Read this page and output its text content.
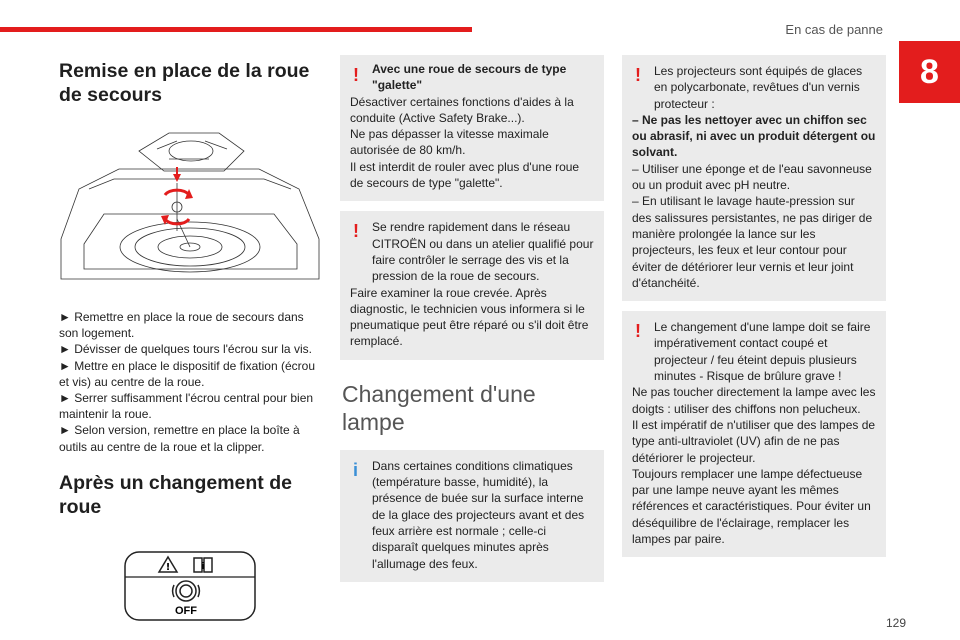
En cas de panne
8
Remise en place de la roue de secours
► Remettre en place la roue de secours dans son logement.
► Dévisser de quelques tours l'écrou sur la vis.
► Mettre en place le dispositif de fixation (écrou et vis) au centre de la roue.
► Serrer suffisamment l'écrou central pour bien maintenir la roue.
► Selon version, remettre en place la boîte à outils au centre de la roue et la clipper.
Après un changement de roue
!	i
OFF
!	Avec une roue de secours de type "galette"
Désactiver certaines fonctions d'aides à la conduite (Active Safety Brake...).
Ne pas dépasser la vitesse maximale autorisée de 80 km/h.
Il est interdit de rouler avec plus d'une roue de secours de type "galette".
!	Se rendre rapidement dans le réseau CITROËN ou dans un atelier qualifié pour faire contrôler le serrage des vis et la pression de la roue de secours.
Faire examiner la roue crevée. Après diagnostic, le technicien vous informera si le pneumatique peut être réparé ou s'il doit être remplacé.
Changement d'une lampe
i	Dans certaines conditions climatiques (température basse, humidité), la présence de buée sur la surface interne de la glace des projecteurs avant et des feux arrière est normale ; celle-ci disparaît quelques minutes après l'allumage des feux.
!	Les projecteurs sont équipés de glaces en polycarbonate, revêtues d'un vernis protecteur :
– Ne pas les nettoyer avec un chiffon sec ou abrasif, ni avec un produit détergent ou solvant.
– Utiliser une éponge et de l'eau savonneuse ou un produit avec pH neutre.
– En utilisant le lavage haute-pression sur des salissures persistantes, ne pas diriger de manière prolongée la lance sur les projecteurs, les feux et leur contour pour éviter de détériorer leur vernis et leur joint d'étanchéité.
!	Le changement d'une lampe doit se faire impérativement contact coupé et projecteur / feu éteint depuis plusieurs minutes - Risque de brûlure grave !
Ne pas toucher directement la lampe avec les doigts : utiliser des chiffons non pelucheux.
Il est impératif de n'utiliser que des lampes de type anti-ultraviolet (UV) afin de ne pas détériorer le projecteur.
Toujours remplacer une lampe défectueuse par une lampe neuve ayant les mêmes références et caractéristiques. Pour éviter un déséquilibre de l'éclairage, remplacer les lampes par paire.
129
